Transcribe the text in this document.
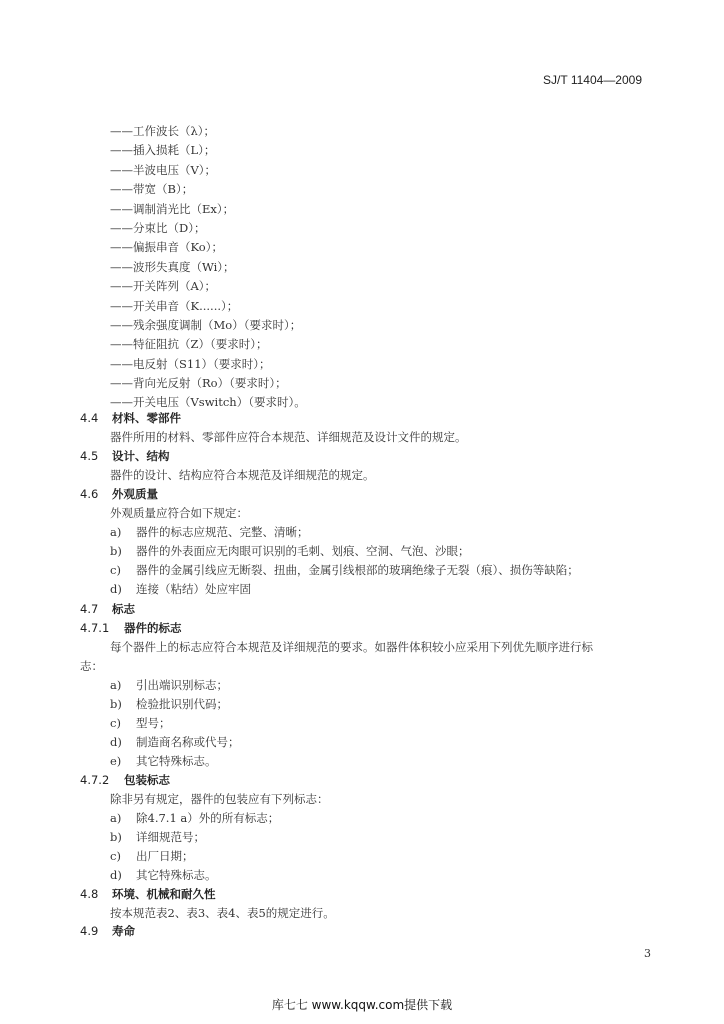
SJ/T 11404—2009
——工作波长（λ）；
——插入损耗（L）；
——半波电压（V）；
——带宽（B）；
——调制消光比（Ex）；
——分束比（D）；
——偏振串音（Ko）；
——波形失真度（Wi）；
——开关阵列（A）；
——开关串音（K......）；
——残余强度调制（Mo）（要求时）；
——特征阻抗（Z）（要求时）；
——电反射（S11）（要求时）；
——背向光反射（Ro）（要求时）；
——开关电压（Vswitch）（要求时）。
4.4 材料、零部件
器件所用的材料、零部件应符合本规范、详细规范及设计文件的规定。
4.5 设计、结构
器件的设计、结构应符合本规范及详细规范的规定。
4.6 外观质量
外观质量应符合如下规定：
a) 器件的标志应规范、完整、清晰；
b) 器件的外表面应无肉眼可识别的毛刺、划痕、空洞、气泡、沙眼；
c) 器件的金属引线应无断裂、扭曲，金属引线根部的玻璃绝缘子无裂（痕）、损伤等缺陷；
d) 连接（粘结）处应牢固
4.7 标志
4.7.1 器件的标志
每个器件上的标志应符合本规范及详细规范的要求。如器件体积较小应采用下列优先顺序进行标
志：
a) 引出端识别标志；
b) 检验批识别代码；
c) 型号；
d) 制造商名称或代号；
e) 其它特殊标志。
4.7.2 包装标志
除非另有规定，器件的包装应有下列标志：
a) 除4.7.1 a）外的所有标志；
b) 详细规范号；
c) 出厂日期；
d) 其它特殊标志。
4.8 环境、机械和耐久性
按本规范表2、表3、表4、表5的规定进行。
4.9 寿命
3
库七七 www.kqqw.com提供下载
